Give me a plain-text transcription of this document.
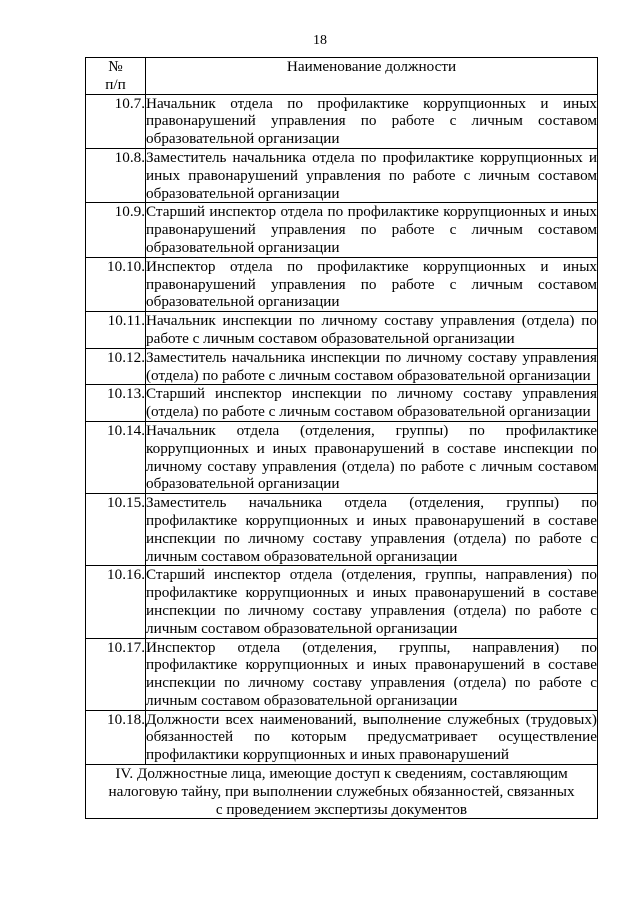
18
№
п/п	Наименование должности
10.7.	Начальник отдела по профилактике коррупционных и иных правонарушений управления по работе с личным составом образовательной организации
10.8.	Заместитель начальника отдела по профилактике коррупционных и иных правонарушений управления по работе с личным составом образовательной организации
10.9.	Старший инспектор отдела по профилактике коррупционных и иных правонарушений управления по работе с личным составом образовательной организации
10.10.	Инспектор отдела по профилактике коррупционных и иных правонарушений управления по работе с личным составом образовательной организации
10.11.	Начальник инспекции по личному составу управления (отдела) по работе с личным составом образовательной организации
10.12.	Заместитель начальника инспекции по личному составу управления (отдела) по работе с личным составом образовательной организации
10.13.	Старший инспектор инспекции по личному составу управления (отдела) по работе с личным составом образовательной организации
10.14.	Начальник отдела (отделения, группы) по профилактике коррупционных и иных правонарушений в составе инспекции по личному составу управления (отдела) по работе с личным составом образовательной организации
10.15.	Заместитель начальника отдела (отделения, группы) по профилактике коррупционных и иных правонарушений в составе инспекции по личному составу управления (отдела) по работе с личным составом образовательной организации
10.16.	Старший инспектор отдела (отделения, группы, направления) по профилактике коррупционных и иных правонарушений в составе инспекции по личному составу управления (отдела) по работе с личным составом образовательной организации
10.17.	Инспектор отдела (отделения, группы, направления) по профилактике коррупционных и иных правонарушений в составе инспекции по личному составу управления (отдела) по работе с личным составом образовательной организации
10.18.	Должности всех наименований, выполнение служебных (трудовых) обязанностей по которым предусматривает осуществление профилактики коррупционных и иных правонарушений
IV. Должностные лица, имеющие доступ к сведениям, составляющим
налоговую тайну, при выполнении служебных обязанностей, связанных
с проведением экспертизы документов	
